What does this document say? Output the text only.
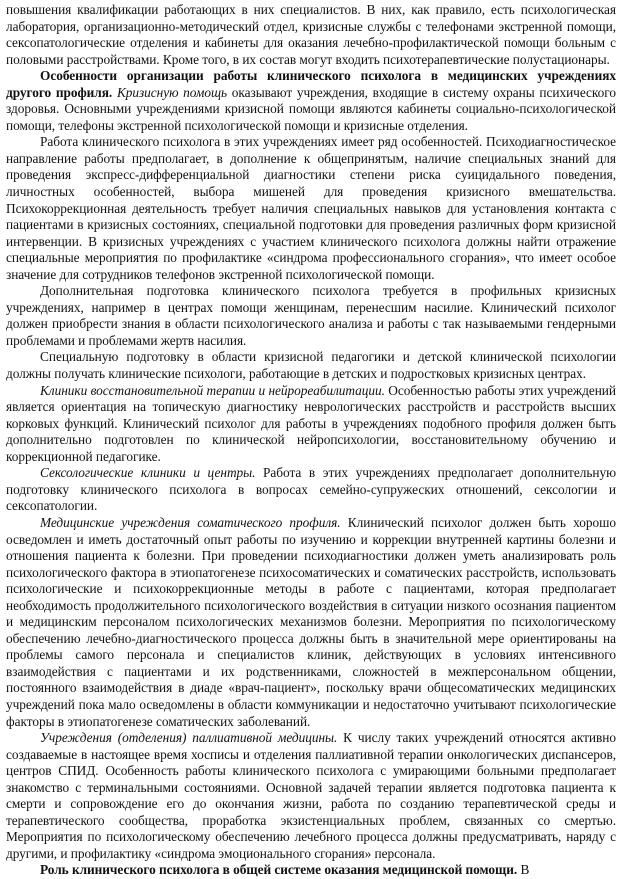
повышения квалификации работающих в них специалистов. В них, как правило, есть психологическая лаборатория, организационно-методический отдел, кризисные службы с телефонами экстренной помощи, сексопатологические отделения и кабинеты для оказания лечебно-профилактической помощи больным с половыми расстройствами. Кроме того, в их состав могут входить психотерапевтические полустационары.

Особенности организации работы клинического психолога в медицинских учреждениях другого профиля. Кризисную помощь оказывают учреждения, входящие в систему охраны психического здоровья. Основными учреждениями кризисной помощи являются кабинеты социально-психологической помощи, телефоны экстренной психологической помощи и кризисные отделения.

Работа клинического психолога в этих учреждениях имеет ряд особенностей. Психодиагностическое направление работы предполагает, в дополнение к общепринятым, наличие специальных знаний для проведения экспресс-дифференциальной диагностики степени риска суицидального поведения, личностных особенностей, выбора мишеней для проведения кризисного вмешательства. Психокоррекционная деятельность требует наличия специальных навыков для установления контакта с пациентами в кризисных состояниях, специальной подготовки для проведения различных форм кризисной интервенции. В кризисных учреждениях с участием клинического психолога должны найти отражение специальные мероприятия по профилактике «синдрома профессионального сгорания», что имеет особое значение для сотрудников телефонов экстренной психологической помощи.

Дополнительная подготовка клинического психолога требуется в профильных кризисных учреждениях, например в центрах помощи женщинам, перенесшим насилие. Клинический психолог должен приобрести знания в области психологического анализа и работы с так называемыми гендерными проблемами и проблемами жертв насилия.

Специальную подготовку в области кризисной педагогики и детской клинической психологии должны получать клинические психологи, работающие в детских и подростковых кризисных центрах.

Клиники восстановительной терапии и нейрореабилитации. Особенностью работы этих учреждений является ориентация на топическую диагностику неврологических расстройств и расстройств высших корковых функций. Клинический психолог для работы в учреждениях подобного профиля должен быть дополнительно подготовлен по клинической нейропсихологии, восстановительному обучению и коррекционной педагогике.

Сексологические клиники и центры. Работа в этих учреждениях предполагает дополнительную подготовку клинического психолога в вопросах семейно-супружеских отношений, сексологии и сексопатологии.

Медицинские учреждения соматического профиля. Клинический психолог должен быть хорошо осведомлен и иметь достаточный опыт работы по изучению и коррекции внутренней картины болезни и отношения пациента к болезни. При проведении психодиагностики должен уметь анализировать роль психологического фактора в этиопатогенезе психосоматических и соматических расстройств, использовать психологические и психокоррекционные методы в работе с пациентами, которая предполагает необходимость продолжительного психологического воздействия в ситуации низкого осознания пациентом и медицинским персоналом психологических механизмов болезни. Мероприятия по психологическому обеспечению лечебно-диагностического процесса должны быть в значительной мере ориентированы на проблемы самого персонала и специалистов клиник, действующих в условиях интенсивного взаимодействия с пациентами и их родственниками, сложностей в межперсональном общении, постоянного взаимодействия в диаде «врач-пациент», поскольку врачи общесоматических медицинских учреждений пока мало осведомлены в области коммуникации и недостаточно учитывают психологические факторы в этиопатогенезе соматических заболеваний.

Учреждения (отделения) паллиативной медицины. К числу таких учреждений относятся активно создаваемые в настоящее время хосписы и отделения паллиативной терапии онкологических диспансеров, центров СПИД. Особенность работы клинического психолога с умирающими больными предполагает знакомство с терминальными состояниями. Основной задачей терапии является подготовка пациента к смерти и сопровождение его до окончания жизни, работа по созданию терапевтической среды и терапевтического сообщества, проработка экзистенциальных проблем, связанных со смертью. Мероприятия по психологическому обеспечению лечебного процесса должны предусматривать, наряду с другими, и профилактику «синдрома эмоционального сгорания» персонала.

Роль клинического психолога в общей системе оказания медицинской помощи. В
